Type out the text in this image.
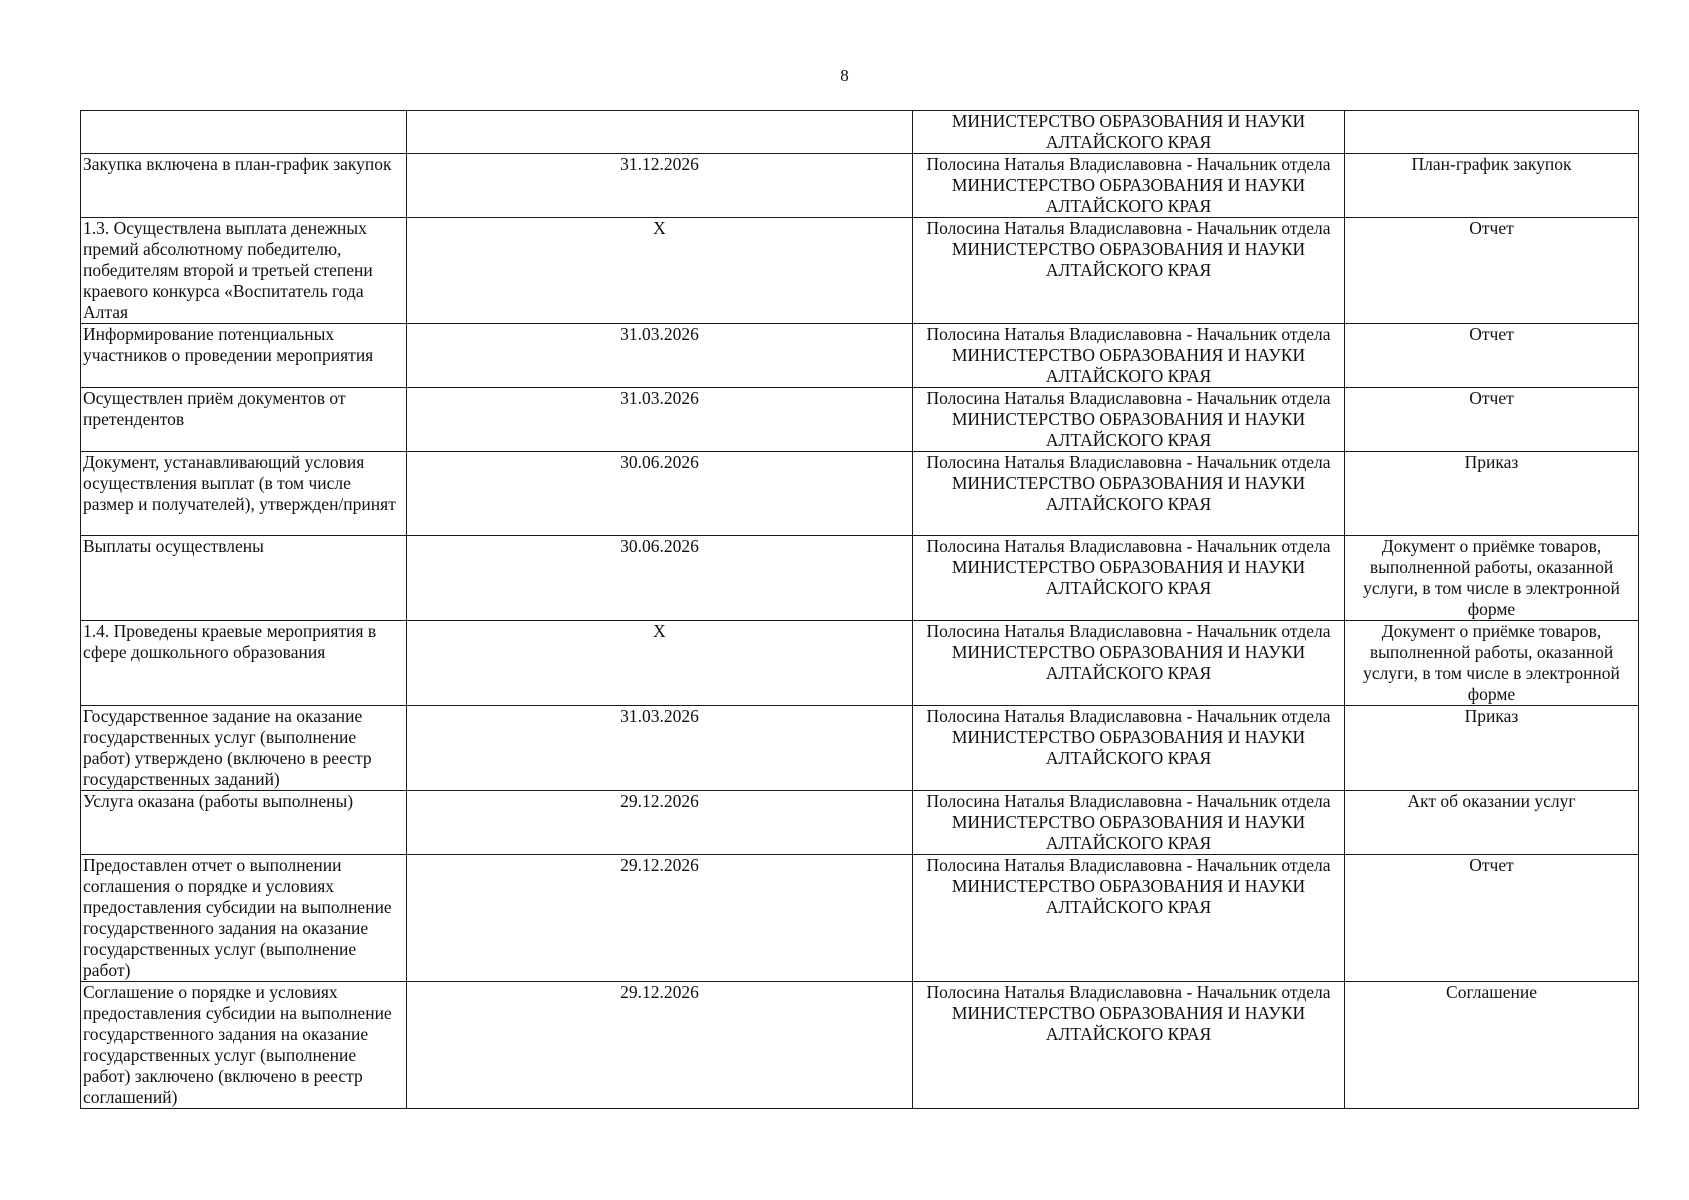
8

		МИНИСТЕРСТВО ОБРАЗОВАНИЯ И НАУКИ
АЛТАЙСКОГО КРАЯ	

Закупка включена в план-график закупок	31.12.2026	Полосина Наталья Владиславовна - Начальник отдела
МИНИСТЕРСТВО ОБРАЗОВАНИЯ И НАУКИ
АЛТАЙСКОГО КРАЯ	План-график закупок
1.3. Осуществлена выплата денежных премий абсолютному победителю, победителям второй и третьей степени краевого конкурса «Воспитатель года Алтая	X	Полосина Наталья Владиславовна - Начальник отдела
МИНИСТЕРСТВО ОБРАЗОВАНИЯ И НАУКИ
АЛТАЙСКОГО КРАЯ	Отчет
Информирование потенциальных участников о проведении мероприятия	31.03.2026	Полосина Наталья Владиславовна - Начальник отдела
МИНИСТЕРСТВО ОБРАЗОВАНИЯ И НАУКИ
АЛТАЙСКОГО КРАЯ	Отчет
Осуществлен приём документов от претендентов	31.03.2026	Полосина Наталья Владиславовна - Начальник отдела
МИНИСТЕРСТВО ОБРАЗОВАНИЯ И НАУКИ
АЛТАЙСКОГО КРАЯ	Отчет
Документ, устанавливающий условия осуществления выплат (в том числе размер и получателей), утвержден/принят	30.06.2026	Полосина Наталья Владиславовна - Начальник отдела
МИНИСТЕРСТВО ОБРАЗОВАНИЯ И НАУКИ
АЛТАЙСКОГО КРАЯ	Приказ
Выплаты осуществлены	30.06.2026	Полосина Наталья Владиславовна - Начальник отдела
МИНИСТЕРСТВО ОБРАЗОВАНИЯ И НАУКИ
АЛТАЙСКОГО КРАЯ	Документ о приёмке товаров, выполненной работы, оказанной услуги, в том числе в электронной форме
1.4. Проведены краевые мероприятия в сфере дошкольного образования	X	Полосина Наталья Владиславовна - Начальник отдела
МИНИСТЕРСТВО ОБРАЗОВАНИЯ И НАУКИ
АЛТАЙСКОГО КРАЯ	Документ о приёмке товаров, выполненной работы, оказанной услуги, в том числе в электронной форме
Государственное задание на оказание государственных услуг (выполнение работ) утверждено (включено в реестр государственных заданий)	31.03.2026	Полосина Наталья Владиславовна - Начальник отдела
МИНИСТЕРСТВО ОБРАЗОВАНИЯ И НАУКИ
АЛТАЙСКОГО КРАЯ	Приказ
Услуга оказана (работы выполнены)	29.12.2026	Полосина Наталья Владиславовна - Начальник отдела
МИНИСТЕРСТВО ОБРАЗОВАНИЯ И НАУКИ
АЛТАЙСКОГО КРАЯ	Акт об оказании услуг
Предоставлен отчет о выполнении соглашения о порядке и условиях предоставления субсидии на выполнение государственного задания на оказание государственных услуг (выполнение работ)	29.12.2026	Полосина Наталья Владиславовна - Начальник отдела
МИНИСТЕРСТВО ОБРАЗОВАНИЯ И НАУКИ
АЛТАЙСКОГО КРАЯ	Отчет
Соглашение о порядке и условиях предоставления субсидии на выполнение государственного задания на оказание государственных услуг (выполнение работ) заключено (включено в реестр соглашений)	29.12.2026	Полосина Наталья Владиславовна - Начальник отдела
МИНИСТЕРСТВО ОБРАЗОВАНИЯ И НАУКИ
АЛТАЙСКОГО КРАЯ	Соглашение
